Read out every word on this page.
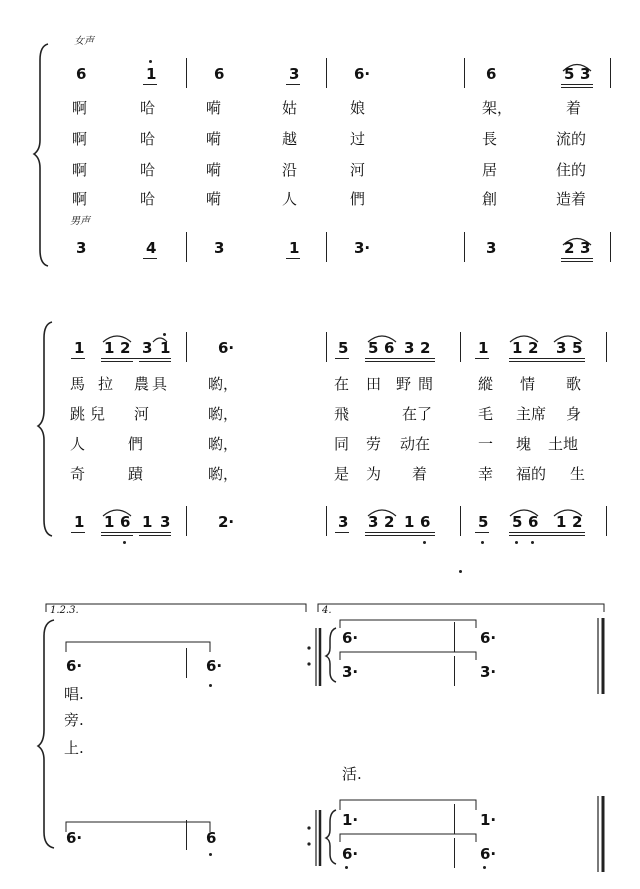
女声
6	1	6	3	6·	6	5 3
啊	哈	嗬	姑	娘	架，	着
啊	哈	嗬	越	过	長	流的
啊	哈	嗬	沿	河	居	住的
啊	哈	嗬	人	們	創	造着
男声
3	4	3	1	3·	3	2 3
1 1 2 3 1	6·	5 5 6 3 2	1 1 2 3 5
馬 拉 農 具	喲，	在 田 野 間	縱 情 歌
跳 兒 河	喲，	飛	在了	毛 主席 身
人	們	喲，	同 劳 动在	一 塊 土地
奇	蹟	喲，	是 为 着	幸 福的 生
1 1 6 1 3	2·	3 3 2 1 6	5 5 6 1 2
1.2.3.	4.
6·	6·
6·	6·
3·	3·
唱.
旁.
上.
活.
6·	6
1·	1·
6·	6·
